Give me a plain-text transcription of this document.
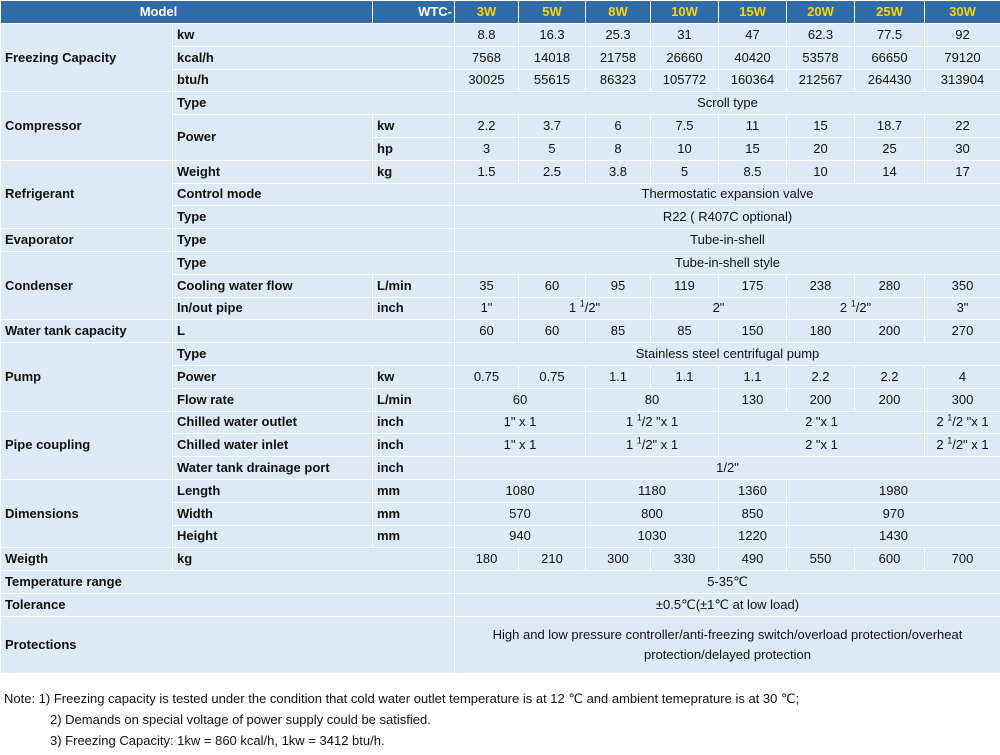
Model		WTC-	3W	5W	8W	10W	15W	20W	25W	30W
Freezing Capacity	kw		8.8	16.3	25.3	31	47	62.3	77.5	92
	kcal/h		7568	14018	21758	26660	40420	53578	66650	79120
	btu/h		30025	55615	86323	105772	160364	212567	264430	313904
Compressor	Type		Scroll type							
	Power	kw	2.2	3.7	6	7.5	11	15	18.7	22
		hp	3	5	8	10	15	20	25	30
Refrigerant	Weight	kg	1.5	2.5	3.8	5	8.5	10	14	17
	Control mode		Thermostatic expansion valve							
	Type		R22 ( R407C optional)							
Evaporator	Type		Tube-in-shell							
Condenser	Type		Tube-in-shell style							
	Cooling water flow	L/min	35	60	95	119	175	238	280	350
	In/out pipe	inch	1"	1 $^1$/2"		2"		2 $^1$/2"		3"
Water tank capacity	L		60	60	85	85	150	180	200	270
Pump	Type		Stainless steel centrifugal pump							
	Power	kw	0.75	0.75	1.1	1.1	1.1	2.2	2.2	4
	Flow rate	L/min	60		80		130	200	200	300
Pipe coupling	Chilled water outlet	inch	1" x 1		1 $^1$/2 "x 1		2 "x 1			2 $^1$/2 "x 1
	Chilled water inlet	inch	1" x 1		1 $^1$/2" x 1		2 "x 1			2 $^1$/2" x 1
	Water tank drainage port	inch	1/2"							
Dimensions	Length	mm	1080		1180		1360	1980		
	Width	mm	570		800		850	970		
	Height	mm	940		1030		1220	1430		
Weigth	kg		180	210	300	330	490	550	600	700
Temperature range			5-35℃							
Tolerance			±0.5℃(±1℃ at low load)							
Protections			High and low pressure controller/anti-freezing switch/overload protection/overheat protection/delayed protection							
Note: 1) Freezing capacity is tested under the condition that cold water outlet temperature is at 12 ℃ and ambient temeprature is at 30 ℃;
2) Demands on special voltage of power supply could be satisfied.
3) Freezing Capacity: 1kw = 860 kcal/h, 1kw = 3412 btu/h.
